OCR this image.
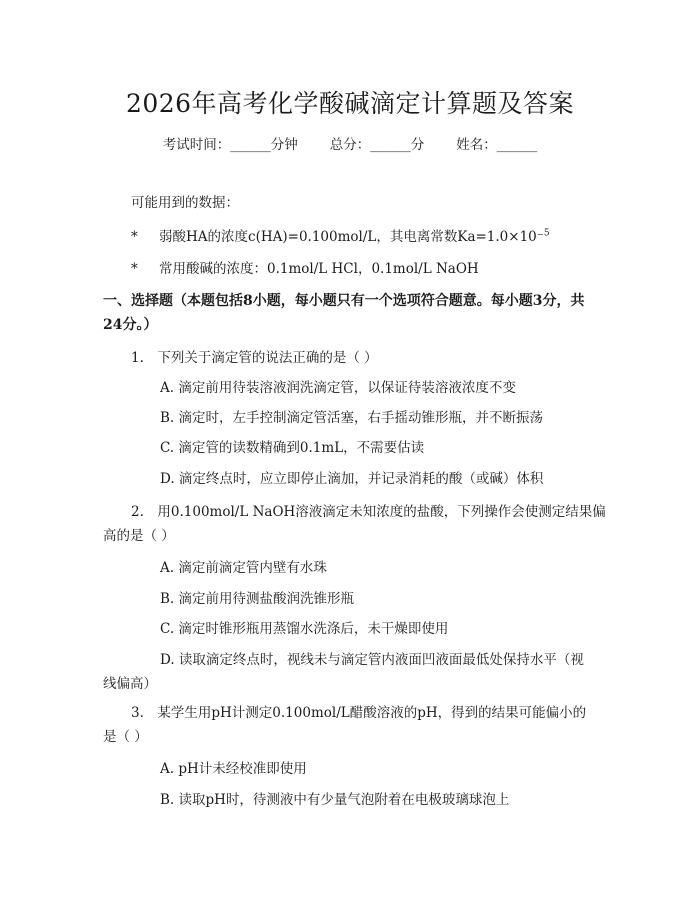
2026年高考化学酸碱滴定计算题及答案
考试时间：______分钟 总分：______分 姓名：______
可能用到的数据：
* 弱酸HA的浓度c(HA)=0.100mol/L，其电离常数Ka=1.0×10⁻$^5$
* 常用酸碱的浓度：0.1mol/L HCl，0.1mol/L NaOH
一、选择题（本题包括8小题，每小题只有一个选项符合题意。每小题3分，共
24分。）
1.　下列关于滴定管的说法正确的是（ ）
A. 滴定前用待装溶液润洗滴定管，以保证待装溶液浓度不变
B. 滴定时，左手控制滴定管活塞，右手摇动锥形瓶，并不断振荡
C. 滴定管的读数精确到0.1mL，不需要估读
D. 滴定终点时，应立即停止滴加，并记录消耗的酸（或碱）体积
2.　用0.100mol/L NaOH溶液滴定未知浓度的盐酸，下列操作会使测定结果偏
高的是（ ）
A. 滴定前滴定管内壁有水珠
B. 滴定前用待测盐酸润洗锥形瓶
C. 滴定时锥形瓶用蒸馏水洗涤后，未干燥即使用
D. 读取滴定终点时，视线未与滴定管内液面凹液面最低处保持水平（视
线偏高）
3.　某学生用pH计测定0.100mol/L醋酸溶液的pH，得到的结果可能偏小的
是（ ）
A. pH计未经校准即使用
B. 读取pH时，待测液中有少量气泡附着在电极玻璃球泡上
